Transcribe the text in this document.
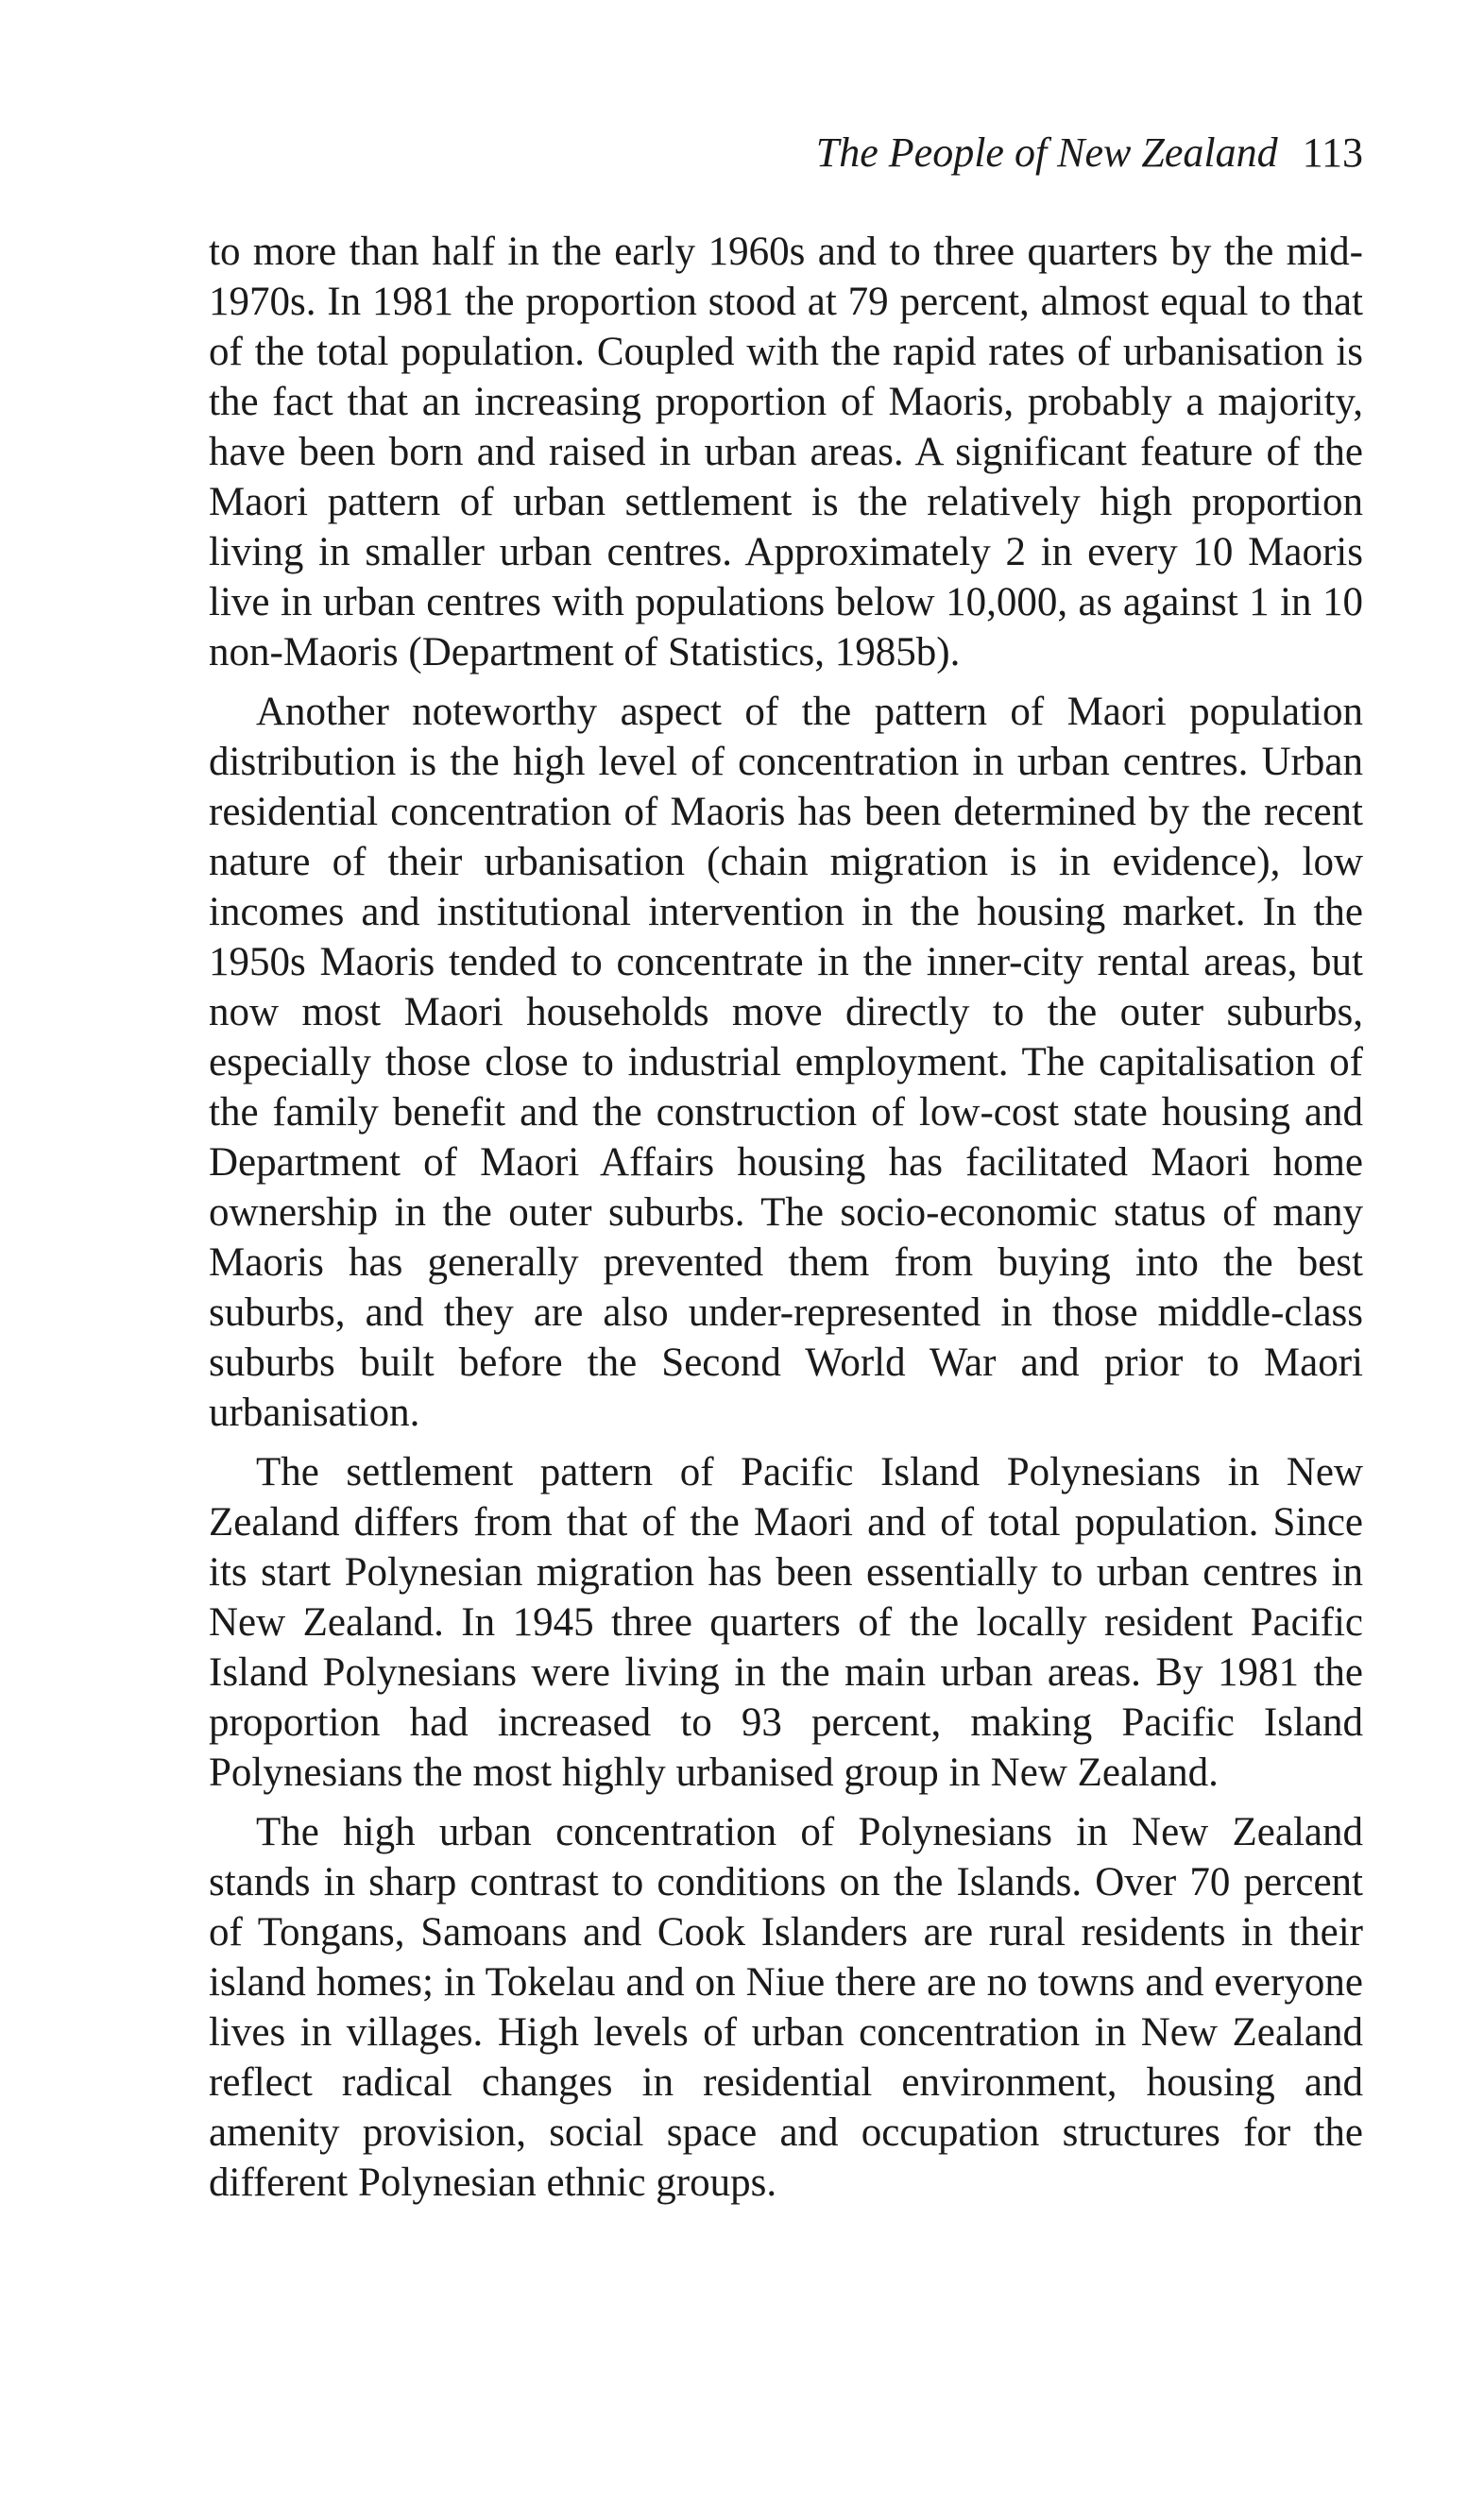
The People of New Zealand 113

to more than half in the early 1960s and to three quarters by the mid-1970s. In 1981 the proportion stood at 79 percent, almost equal to that of the total population. Coupled with the rapid rates of urbanisation is the fact that an increasing proportion of Maoris, probably a majority, have been born and raised in urban areas. A significant feature of the Maori pattern of urban settlement is the relatively high proportion living in smaller urban centres. Approximately 2 in every 10 Maoris live in urban centres with populations below 10,000, as against 1 in 10 non-Maoris (Department of Statistics, 1985b).

Another noteworthy aspect of the pattern of Maori population distribution is the high level of concentration in urban centres. Urban residential concentration of Maoris has been determined by the recent nature of their urbanisation (chain migration is in evidence), low incomes and institutional intervention in the housing market. In the 1950s Maoris tended to concentrate in the inner-city rental areas, but now most Maori households move directly to the outer suburbs, especially those close to industrial employment. The capitalisation of the family benefit and the construction of low-cost state housing and Department of Maori Affairs housing has facilitated Maori home ownership in the outer suburbs. The socio-economic status of many Maoris has generally prevented them from buying into the best suburbs, and they are also under-represented in those middle-class suburbs built before the Second World War and prior to Maori urbanisation.

The settlement pattern of Pacific Island Polynesians in New Zealand differs from that of the Maori and of total population. Since its start Polynesian migration has been essentially to urban centres in New Zealand. In 1945 three quarters of the locally resident Pacific Island Polynesians were living in the main urban areas. By 1981 the proportion had increased to 93 percent, making Pacific Island Polynesians the most highly urbanised group in New Zealand.

The high urban concentration of Polynesians in New Zealand stands in sharp contrast to conditions on the Islands. Over 70 percent of Tongans, Samoans and Cook Islanders are rural residents in their island homes; in Tokelau and on Niue there are no towns and everyone lives in villages. High levels of urban concentration in New Zealand reflect radical changes in residential environment, housing and amenity provision, social space and occupation structures for the different Polynesian ethnic groups.
